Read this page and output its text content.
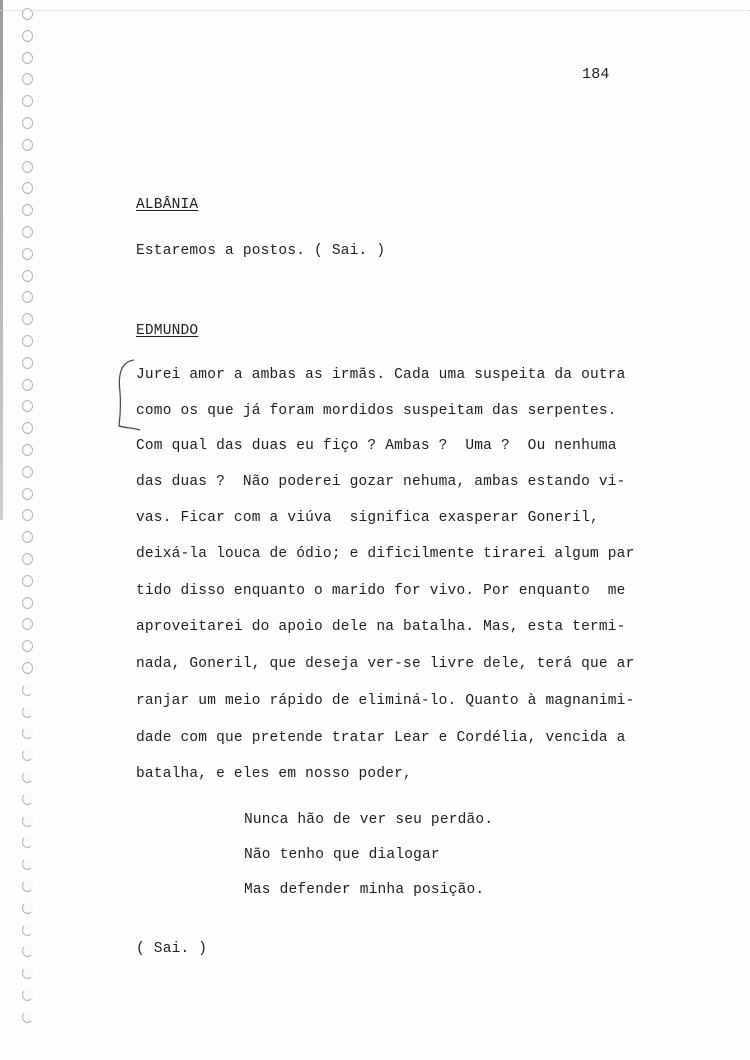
184
ALBÂNIA
Estaremos a postos. ( Sai. )
EDMUNDO
Jurei amor a ambas as irmãs. Cada uma suspeita da outra
como os que já foram mordidos suspeitam das serpentes.
Com qual das duas eu fiço ? Ambas ?  Uma ?  Ou nenhuma
das duas ?  Não poderei gozar nehuma, ambas estando vi-
vas. Ficar com a viúva  significa exasperar Goneril,
deixá-la louca de ódio; e dificilmente tirarei algum par
tido disso enquanto o marido for vivo. Por enquanto  me
aproveitarei do apoio dele na batalha. Mas, esta termi-
nada, Goneril, que deseja ver-se livre dele, terá que ar
ranjar um meio rápido de eliminá-lo. Quanto à magnanimi-
dade com que pretende tratar Lear e Cordélia, vencida a
batalha, e eles em nosso poder,
Nunca hão de ver seu perdão.
Não tenho que dialogar
Mas defender minha posição.
( Sai. )
